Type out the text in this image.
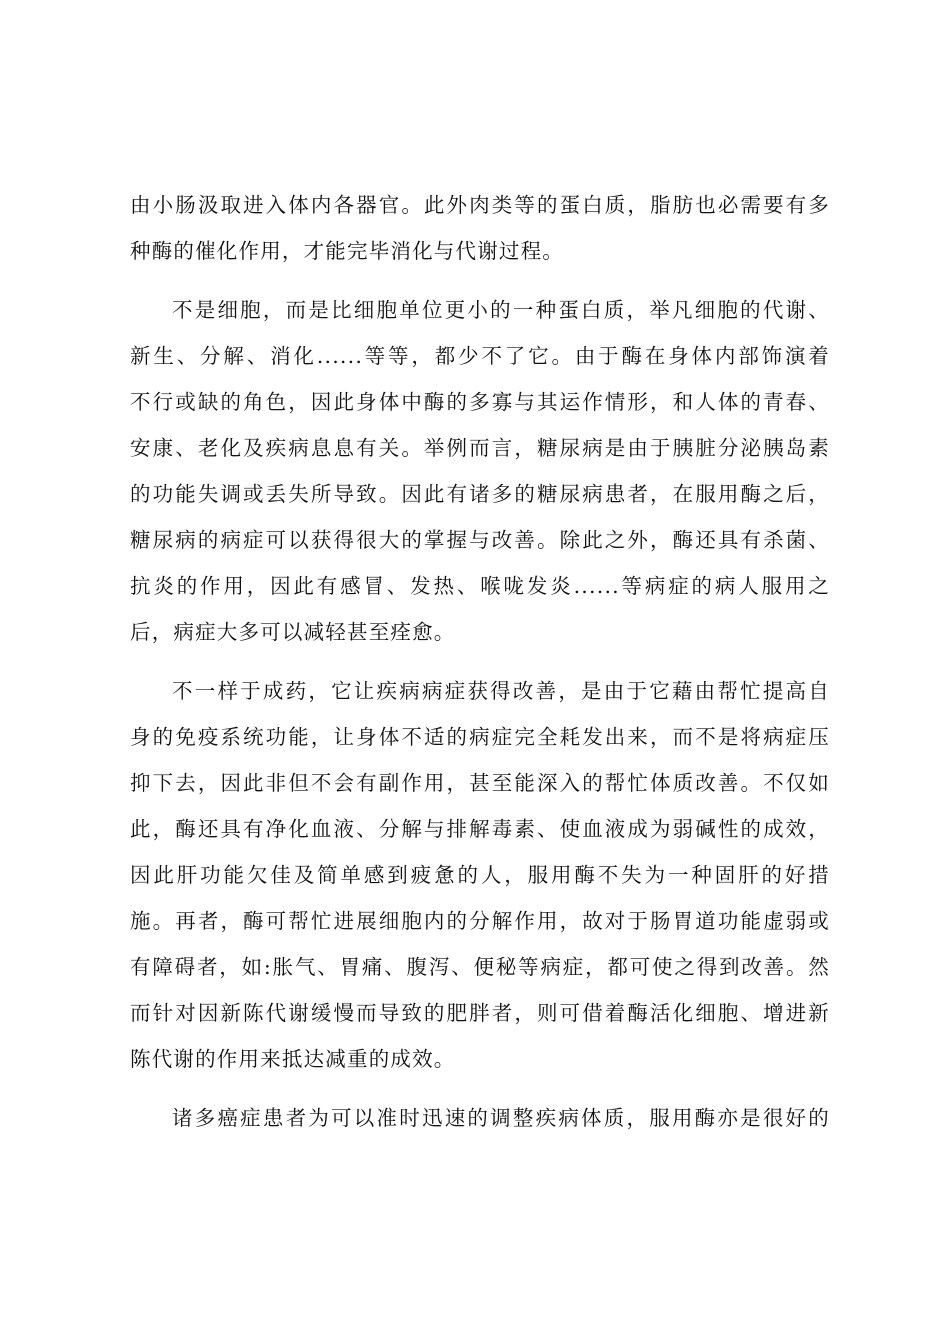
由小肠汲取进入体内各器官。此外肉类等的蛋白质，脂肪也必需要有多
种酶的催化作用，才能完毕消化与代谢过程。
不是细胞，而是比细胞单位更小的一种蛋白质，举凡细胞的代谢、
新生、分解、消化......等等，都少不了它。由于酶在身体内部饰演着
不行或缺的角色，因此身体中酶的多寡与其运作情形，和人体的青春、
安康、老化及疾病息息有关。举例而言，糖尿病是由于胰脏分泌胰岛素
的功能失调或丢失所导致。因此有诸多的糖尿病患者，在服用酶之后，
糖尿病的病症可以获得很大的掌握与改善。除此之外，酶还具有杀菌、
抗炎的作用，因此有感冒、发热、喉咙发炎......等病症的病人服用之
后，病症大多可以减轻甚至痊愈。
不一样于成药，它让疾病病症获得改善，是由于它藉由帮忙提高自
身的免疫系统功能，让身体不适的病症完全耗发出来，而不是将病症压
抑下去，因此非但不会有副作用，甚至能深入的帮忙体质改善。不仅如
此，酶还具有净化血液、分解与排解毒素、使血液成为弱碱性的成效，
因此肝功能欠佳及简单感到疲惫的人，服用酶不失为一种固肝的好措
施。再者，酶可帮忙进展细胞内的分解作用，故对于肠胃道功能虚弱或
有障碍者，如:胀气、胃痛、腹泻、便秘等病症，都可使之得到改善。然
而针对因新陈代谢缓慢而导致的肥胖者，则可借着酶活化细胞、增进新
陈代谢的作用来抵达减重的成效。
诸多癌症患者为可以准时迅速的调整疾病体质，服用酶亦是很好的
